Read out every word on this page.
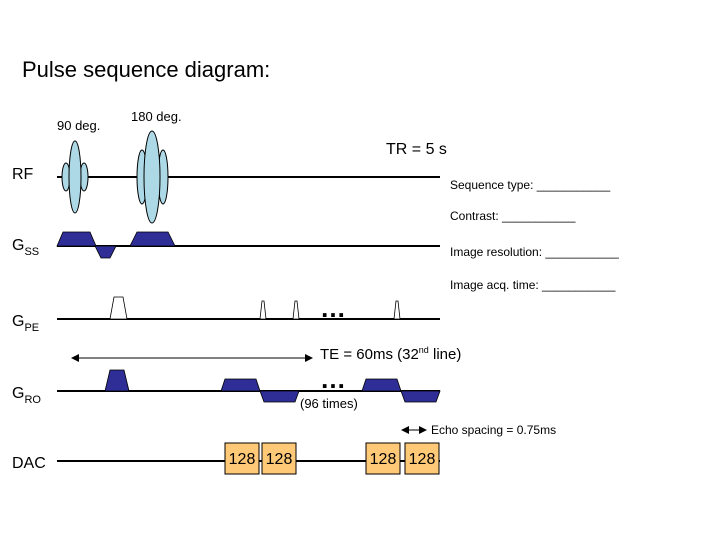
Pulse sequence diagram:
90 deg.
180 deg.
TR = 5 s
RF
$G_{SS}$
$G_{PE}$
$G_{RO}$
DAC
…
TE = 60ms (32nd line)
…
(96 times)
Echo spacing = 0.75ms
128 128	128 128
Sequence type: ___________
Contrast: ___________
Image resolution: ___________
Image acq. time: ___________
